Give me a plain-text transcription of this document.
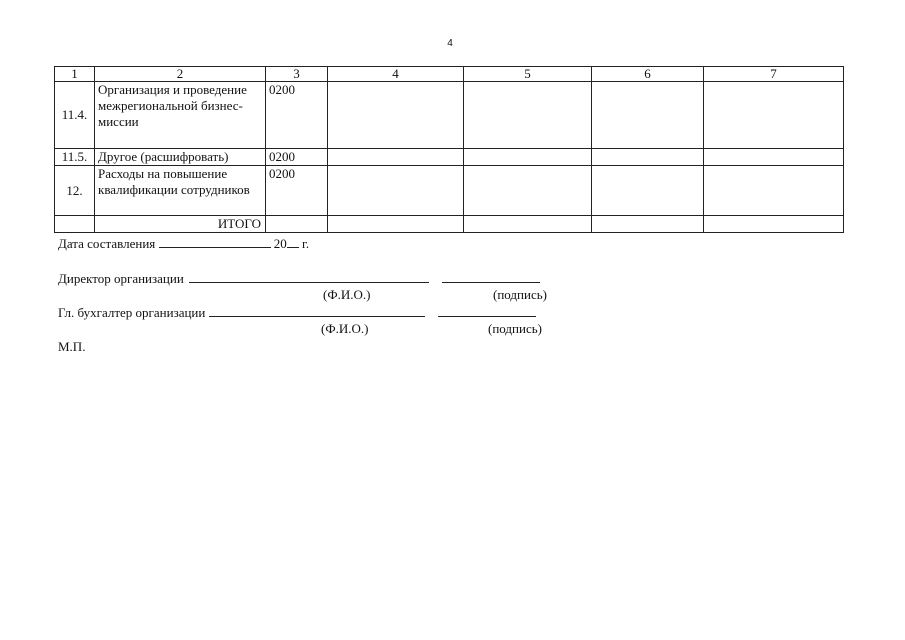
4
1	2	3	4	5	6	7
11.4.	Организация и проведение межрегиональной бизнес-миссии	0200				
11.5.	Другое (расшифровать)	0200				
12.	Расходы на повышение квалификации сотрудников	0200				
	ИТОГО					
Дата составления	20 г.
Директор организации
(Ф.И.О.)	(подпись)
Гл. бухгалтер организации
(Ф.И.О.)	(подпись)
М.П.
